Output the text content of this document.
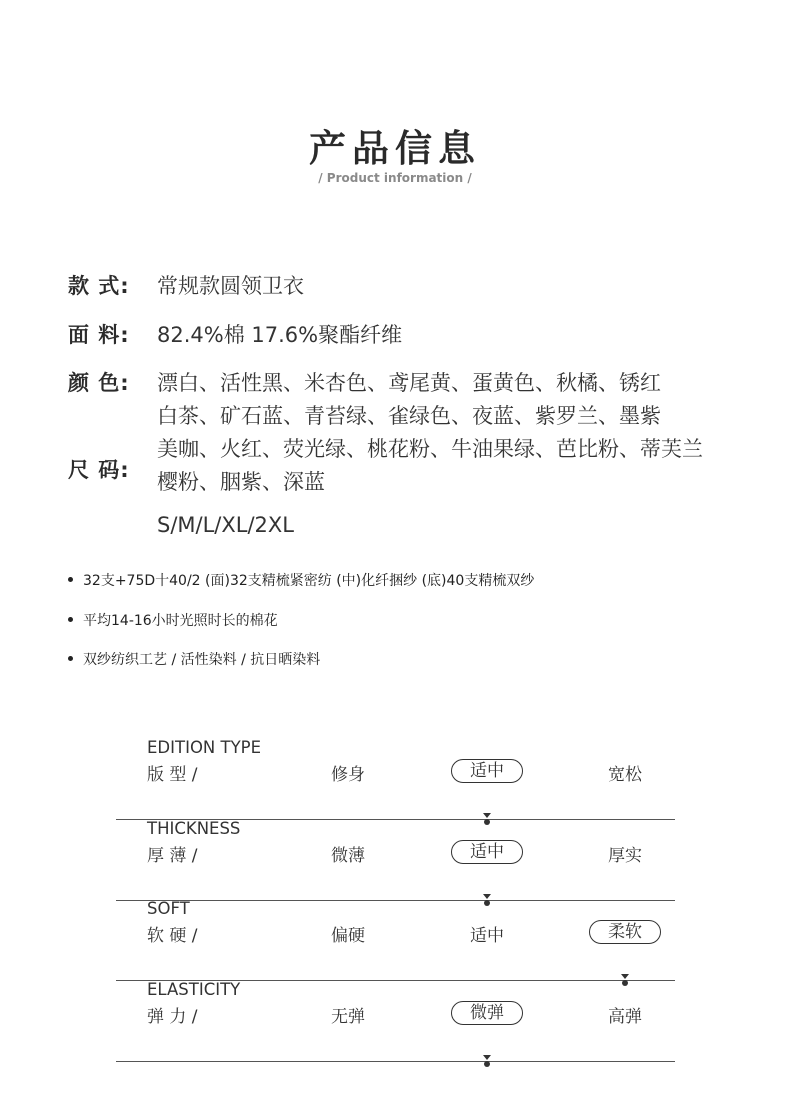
产品信息
/ Product information /
款 式: 常规款圆领卫衣
面 料: 82.4%棉 17.6%聚酯纤维
颜 色: 漂白、活性黑、米杏色、鸢尾黄、蛋黄色、秋橘、锈红
白茶、矿石蓝、青苔绿、雀绿色、夜蓝、紫罗兰、墨紫
美咖、火红、荧光绿、桃花粉、牛油果绿、芭比粉、蒂芙兰
樱粉、胭紫、深蓝
尺 码:
S/M/L/XL/2XL
32支+75D十40/2 (面)32支精梳紧密纺 (中)化纤捆纱 (底)40支精梳双纱
平均14-16小时光照时长的棉花
双纱纺织工艺 / 活性染料 / 抗日晒染料
EDITION TYPE
版 型 /	修身	适中	宽松
THICKNESS
厚 薄 /	微薄	适中	厚实
SOFT
软 硬 /	偏硬	适中	柔软
ELASTICITY
弹 力 /	无弹	微弹	高弹
